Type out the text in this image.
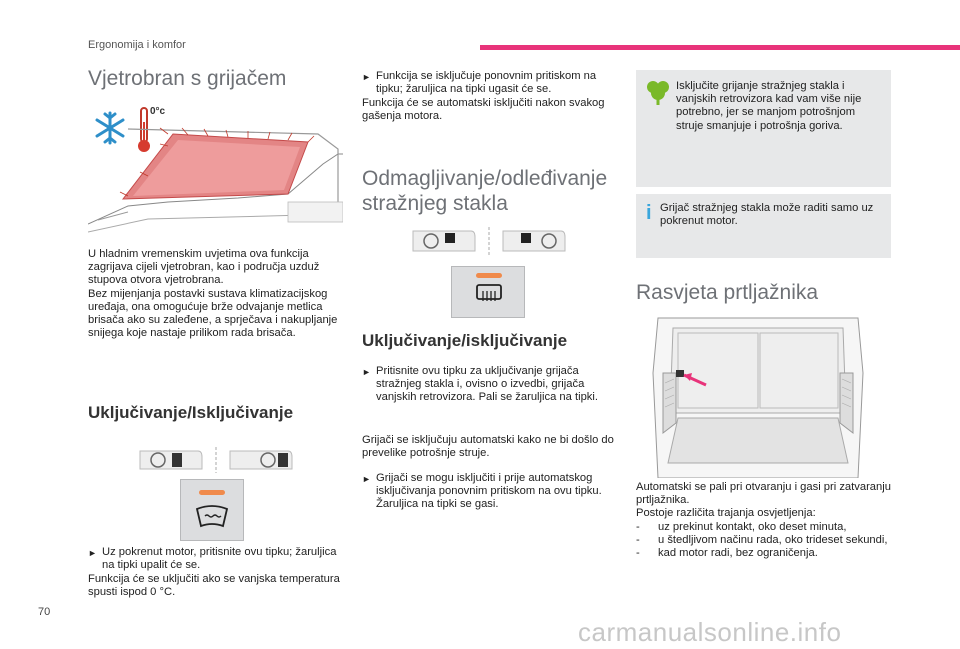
Ergonomija i komfor
Vjetrobran s grijačem
0°c
U hladnim vremenskim uvjetima ova funkcija zagrijava cijeli vjetrobran, kao i područja uzduž stupova otvora vjetrobrana.
Bez mijenjanja postavki sustava klimatizacijskog uređaja, ona omogućuje brže odvajanje metlica brisača ako su zaleđene, a sprječava i nakupljanje snijega koje nastaje prilikom rada brisača.
Uključivanje/Isključivanje
► Uz pokrenut motor, pritisnite ovu tipku; žaruljica na tipki upalit će se.
Funkcija će se uključiti ako se vanjska temperatura spusti ispod 0 °C.
► Funkcija se isključuje ponovnim pritiskom na tipku; žaruljica na tipki ugasit će se.
Funkcija će se automatski isključiti nakon svakog gašenja motora.
Odmagljivanje/odleđivanje stražnjeg stakla
Uključivanje/isključivanje
► Pritisnite ovu tipku za uključivanje grijača stražnjeg stakla i, ovisno o izvedbi, grijača vanjskih retrovizora. Pali se žaruljica na tipki.
Grijači se isključuju automatski kako ne bi došlo do prevelike potrošnje struje.
► Grijači se mogu isključiti i prije automatskog isključivanja ponovnim pritiskom na ovu tipku. Žaruljica na tipki se gasi.
Isključite grijanje stražnjeg stakla i vanjskih retrovizora kad vam više nije potrebno, jer se manjom potrošnjom struje smanjuje i potrošnja goriva.
i Grijač stražnjeg stakla može raditi samo uz pokrenut motor.
Rasvjeta prtljažnika
Automatski se pali pri otvaranju i gasi pri zatvaranju prtljažnika.
Postoje različita trajanja osvjetljenja:
-	uz prekinut kontakt, oko deset minuta,
-	u štedljivom načinu rada, oko trideset sekundi,
-	kad motor radi, bez ograničenja.
70
carmanualsonline.info
